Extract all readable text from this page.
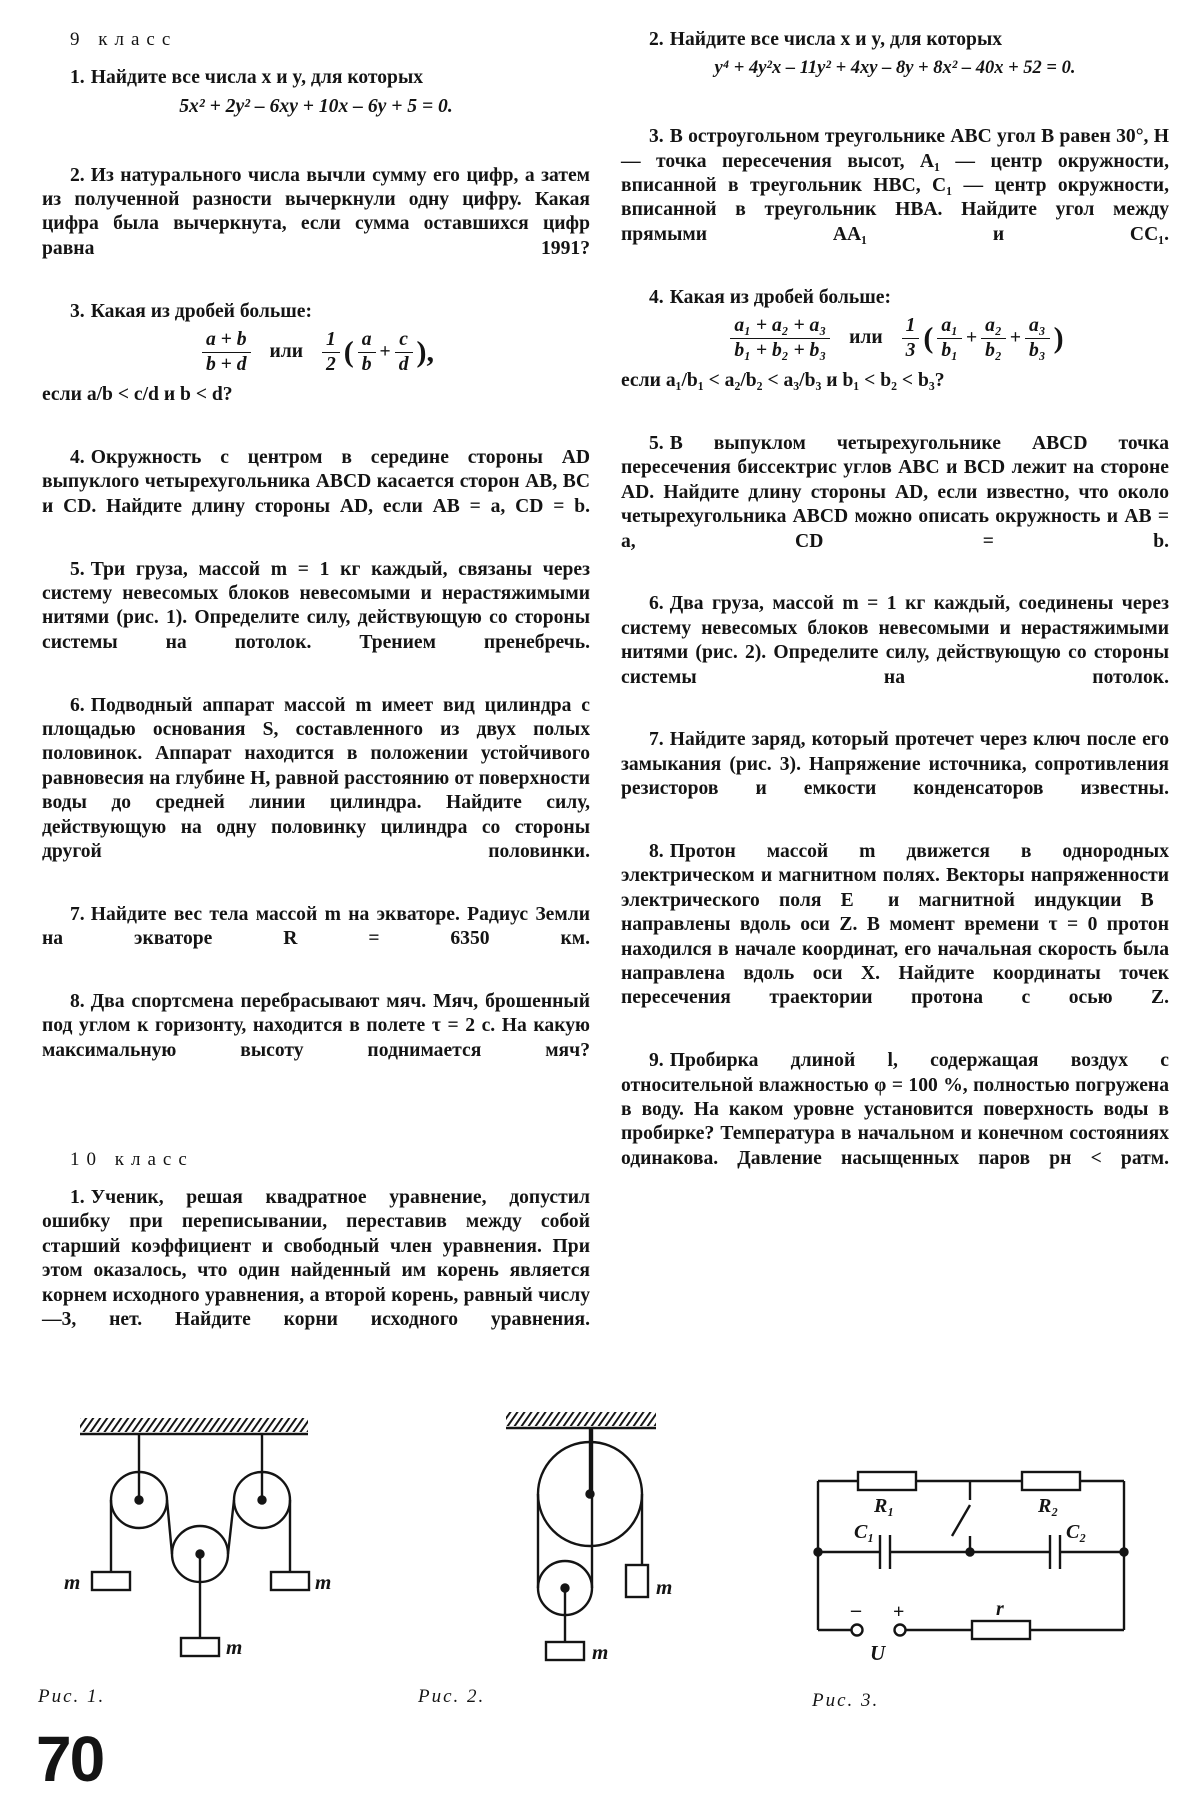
9 класс
1. Найдите все числа x и y, для которых
5x² + 2y² – 6xy + 10x – 6y + 5 = 0.
2. Из натурального числа вычли сумму его цифр, а затем из полученной разности вычеркнули одну цифру. Какая цифра была вычеркнута, если сумма оставшихся цифр равна 1991?
3. Какая из дробей больше:
$\frac{a + b}{b + d}$ или $\frac{1}{2}$ ( $\frac{a}{b} + \frac{c}{d}$ ),
если a/b < c/d и b < d?
4. Окружность с центром в середине стороны AD выпуклого четырехугольника ABCD касается сторон AB, BC и CD. Найдите длину стороны AD, если AB = a, CD = b.
5. Три груза, массой m = 1 кг каждый, связаны через систему невесомых блоков невесомыми и нерастяжимыми нитями (рис. 1). Определите силу, действующую со стороны системы на потолок. Трением пренебречь.
6. Подводный аппарат массой m имеет вид цилиндра с площадью основания S, составленного из двух полых половинок. Аппарат находится в положении устойчивого равновесия на глубине H, равной расстоянию от поверхности воды до средней линии цилиндра. Найдите силу, действующую на одну половинку цилиндра со стороны другой половинки.
7. Найдите вес тела массой m на экваторе. Радиус Земли на экваторе R = 6350 км.
8. Два спортсмена перебрасывают мяч. Мяч, брошенный под углом к горизонту, находится в полете τ = 2 с. На какую максимальную высоту поднимается мяч?
10 класс
1. Ученик, решая квадратное уравнение, допустил ошибку при переписывании, переставив между собой старший коэффициент и свободный член уравнения. При этом оказалось, что один найденный им корень является корнем исходного уравнения, а второй корень, равный числу —3, нет. Найдите корни исходного уравнения.
2. Найдите все числа x и y, для которых
y⁴ + 4y²x – 11y² + 4xy – 8y + 8x² – 40x + 52 = 0.
3. В остроугольном треугольнике ABC угол B равен 30°, H — точка пересечения высот, A₁ — центр окружности, вписанной в треугольник HBC, C₁ — центр окружности, вписанной в треугольник HBA. Найдите угол между прямыми AA₁ и CC₁.
4. Какая из дробей больше:
$\frac{\text{a₁ + a₂ + a₃}}{\text{b₁ + b₂ + b₃}}$ или $\frac{1}{3}$ ( $\frac{\text{a₁}}{\text{b₁}} + \frac{\text{a₂}}{\text{b₂}} + \frac{\text{a₃}}{\text{b₃}}$ )
если a₁/b₁ < a₂/b₂ < a₃/b₃ и b₁ < b₂ < b₃?
5. В выпуклом четырехугольнике ABCD точка пересечения биссектрис углов ABC и BCD лежит на стороне AD. Найдите длину стороны AD, если известно, что около четырехугольника ABCD можно описать окружность и AB = a, CD = b.
6. Два груза, массой m = 1 кг каждый, соединены через систему невесомых блоков невесомыми и нерастяжимыми нитями (рис. 2). Определите силу, действующую со стороны системы на потолок.
7. Найдите заряд, который протечет через ключ после его замыкания (рис. 3). Напряжение источника, сопротивления резисторов и емкости конденсаторов известны.
8. Протон массой m движется в однородных электрическом и магнитном полях. Векторы напряженности электрического поля E⃗ и магнитной индукции B⃗ направлены вдоль оси Z. В момент времени τ = 0 протон находился в начале координат, его начальная скорость была направлена вдоль оси X. Найдите координаты точек пересечения траектории протона с осью Z.
9. Пробирка длиной l, содержащая воздух с относительной влажностью φ = 100 %, полностью погружена в воду. На каком уровне установится поверхность воды в пробирке? Температура в начальном и конечном состояниях одинакова. Давление насыщенных паров pн < pатм.
m	m
m
m
m
R₁	R₂
C₁	C₂
r
– +
U
Рис. 1.	Рис. 2.	Рис. 3.
70
